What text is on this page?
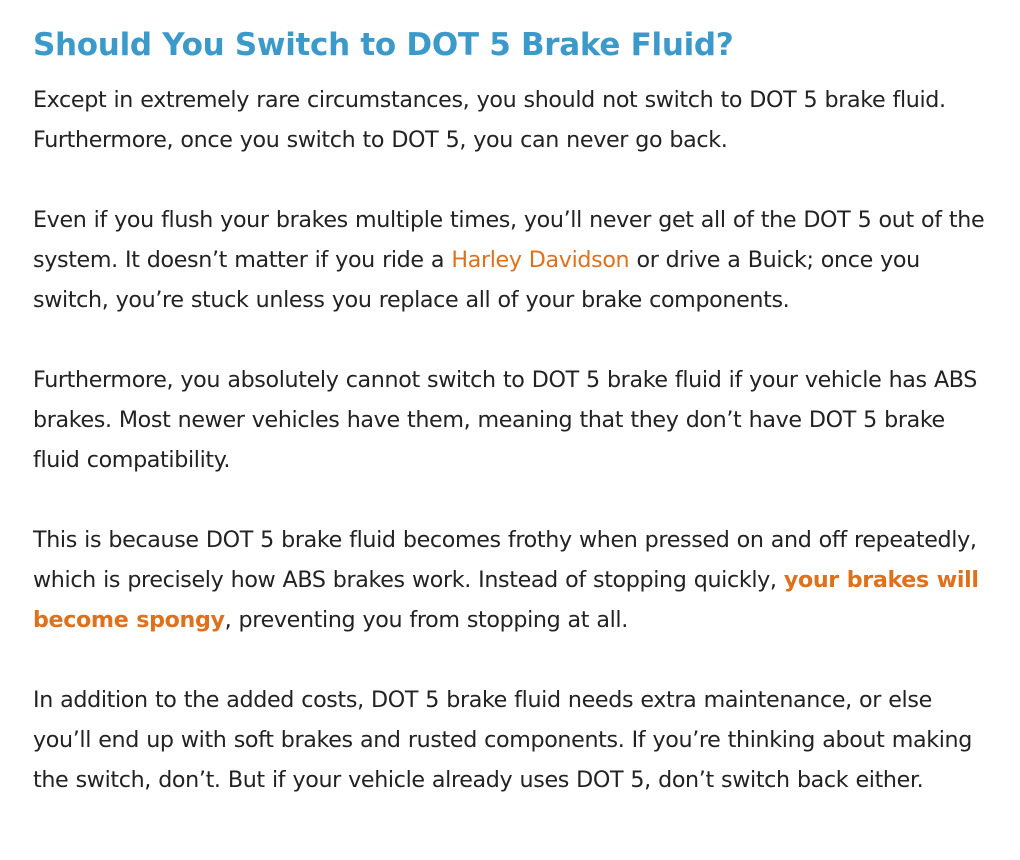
Should You Switch to DOT 5 Brake Fluid?

Except in extremely rare circumstances, you should not switch to DOT 5 brake fluid. Furthermore, once you switch to DOT 5, you can never go back.

Even if you flush your brakes multiple times, you’ll never get all of the DOT 5 out of the system. It doesn’t matter if you ride a Harley Davidson or drive a Buick; once you switch, you’re stuck unless you replace all of your brake components.

Furthermore, you absolutely cannot switch to DOT 5 brake fluid if your vehicle has ABS brakes. Most newer vehicles have them, meaning that they don’t have DOT 5 brake fluid compatibility.

This is because DOT 5 brake fluid becomes frothy when pressed on and off repeatedly, which is precisely how ABS brakes work. Instead of stopping quickly, your brakes will become spongy, preventing you from stopping at all.

In addition to the added costs, DOT 5 brake fluid needs extra maintenance, or else you’ll end up with soft brakes and rusted components. If you’re thinking about making the switch, don’t. But if your vehicle already uses DOT 5, don’t switch back either.
